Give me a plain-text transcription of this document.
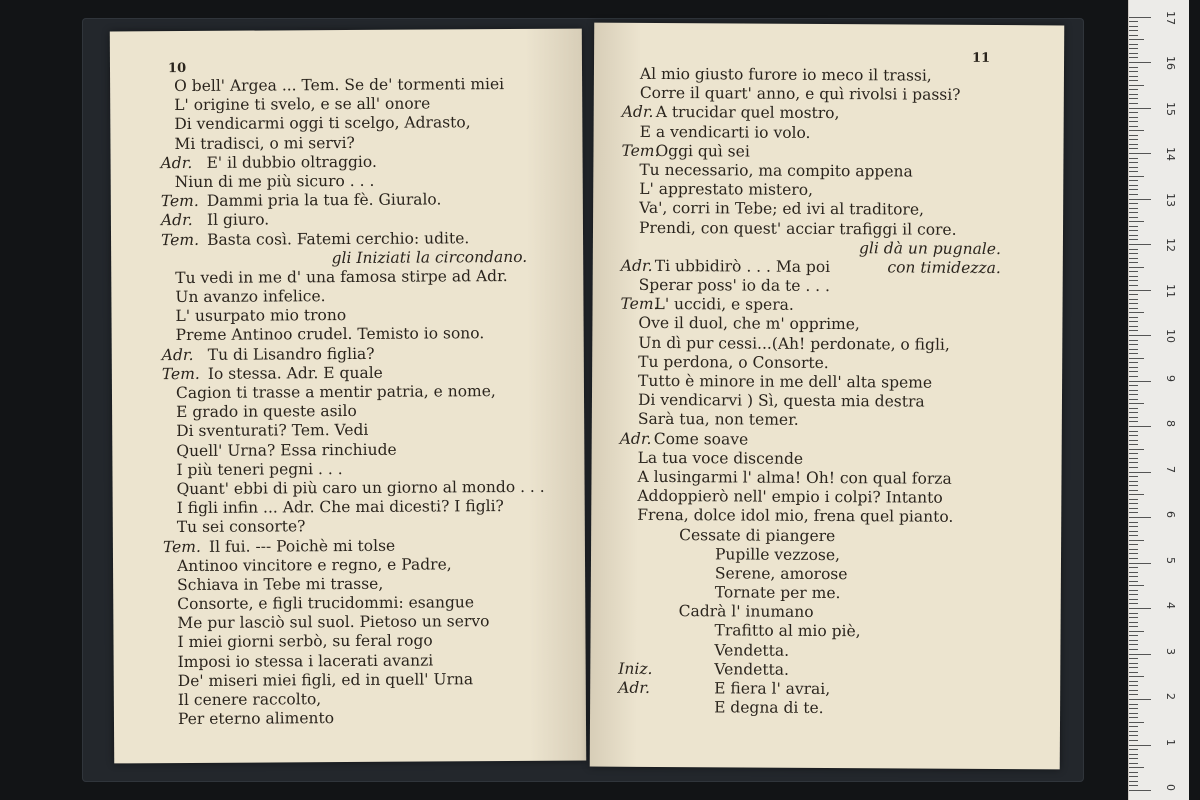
10
O bell' Argea ... Tem. Se de' tormenti miei
L' origine ti svelo, e se all' onore
Di vendicarmi oggi ti scelgo, Adrasto,
Mi tradisci, o mi servi?
Adr. E' il dubbio oltraggio.
Niun di me più sicuro . . .
Tem. Dammi pria la tua fè. Giuralo.
Adr. Il giuro.
Tem. Basta così. Fatemi cerchio: udite.
gli Iniziati la circondano.
Tu vedi in me d' una famosa stirpe ad Adr.
Un avanzo infelice.
L' usurpato mio trono
Preme Antinoo crudel. Temisto io sono.
Adr. Tu di Lisandro figlia?
Tem. Io stessa. Adr. E quale
Cagion ti trasse a mentir patria, e nome,
E grado in queste asilo
Di sventurati? Tem. Vedi
Quell' Urna? Essa rinchiude
I più teneri pegni . . .
Quant' ebbi di più caro un giorno al mondo . . .
I figli infin ... Adr. Che mai dicesti? I figli?
Tu sei consorte?
Tem. Il fui. --- Poichè mi tolse
Antinoo vincitore e regno, e Padre,
Schiava in Tebe mi trasse,
Consorte, e figli trucidommi: esangue
Me pur lasciò sul suol. Pietoso un servo
I miei giorni serbò, su feral rogo
Imposi io stessa i lacerati avanzi
De' miseri miei figli, ed in quell' Urna
Il cenere raccolto,
Per eterno alimento
11
Al mio giusto furore io meco il trassi,
Corre il quart' anno, e quì rivolsi i passi?
Adr. A trucidar quel mostro,
E a vendicarti io volo.
Tem.
Oggi quì sei
Tu necessario, ma compito appena
L' apprestato mistero,
Va', corri in Tebe; ed ivi al traditore,
Prendi, con quest' acciar trafiggi il core.
gli dà un pugnale.
Adr. Ti ubbidirò . . . Ma poi	con timidezza.
Sperar poss' io da te . . .
Tem.
L' uccidi, e spera.
Ove il duol, che m' opprime,
Un dì pur cessi...(Ah! perdonate, o figli,
Tu perdona, o Consorte.
Tutto è minore in me dell' alta speme
Di vendicarvi ) Sì, questa mia destra
Sarà tua, non temer.
Adr. Come soave
La tua voce discende
A lusingarmi l' alma! Oh! con qual forza
Addoppierò nell' empio i colpi? Intanto
Frena, dolce idol mio, frena quel pianto.
Cessate di piangere
Pupille vezzose,
Serene, amorose
Tornate per me.
Cadrà l' inumano
Trafitto al mio piè,
Vendetta.
Iniz.	Vendetta.
Adr.	E fiera l' avrai,
E degna di te.
0
1
2
3
4
5
6
7
8
9
10
11
12
13
14
15
16
17
